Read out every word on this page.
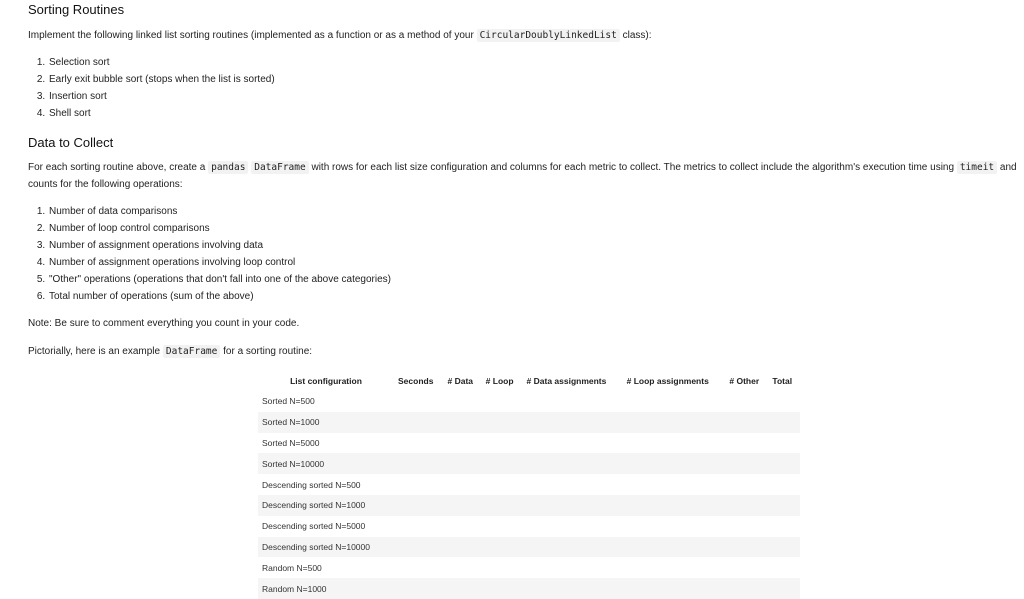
Sorting Routines

Implement the following linked list sorting routines (implemented as a function or as a method of your CircularDoublyLinkedList class):

1. Selection sort
2. Early exit bubble sort (stops when the list is sorted)
3. Insertion sort
4. Shell sort
Data to Collect

For each sorting routine above, create a pandas DataFrame with rows for each list size configuration and columns for each metric to collect. The metrics to collect include the algorithm's execution time using timeit and counts for the following operations:

1. Number of data comparisons
2. Number of loop control comparisons
3. Number of assignment operations involving data
4. Number of assignment operations involving loop control
5. "Other" operations (operations that don't fall into one of the above categories)
6. Total number of operations (sum of the above)

Note: Be sure to comment everything you count in your code.

Pictorially, here is an example DataFrame for a sorting routine:

List configuration	Seconds	# Data	# Loop	# Data assignments	# Loop assignments	# Other	Total
Sorted N=500							
Sorted N=1000							
Sorted N=5000							
Sorted N=10000							
Descending sorted N=500							
Descending sorted N=1000							
Descending sorted N=5000							
Descending sorted N=10000							
Random N=500							
Random N=1000							
